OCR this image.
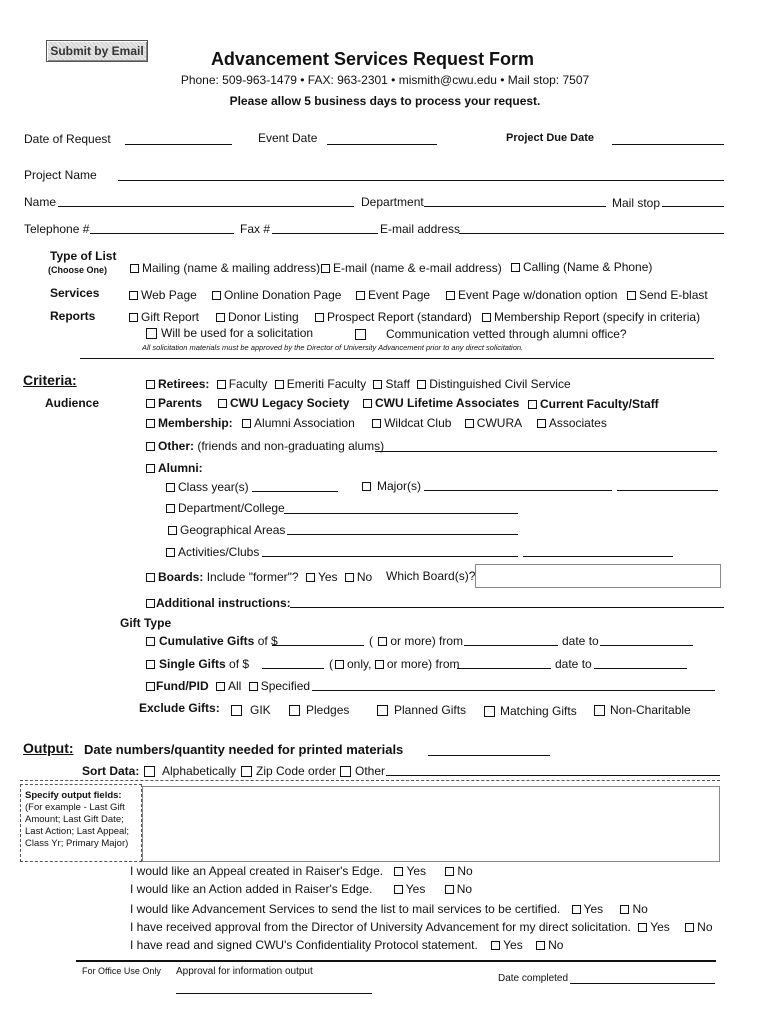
Submit by Email	Advancement Services Request Form
Phone: 509-963-1479 • FAX: 963-2301 • mismith@cwu.edu • Mail stop: 7507
Please allow 5 business days to process your request.
Date of Request	Event Date	Project Due Date
Project Name
Name	Department	Mail stop
Telephone #	Fax #	E-mail address
Type of List
(Choose One)	Mailing (name & mailing address)	E-mail (name & e-mail address)	Calling (Name & Phone)
Services	Web Page	Online Donation Page	Event Page	Event Page w/donation option	Send E-blast
Reports	Gift Report	Donor Listing	Prospect Report (standard)	Membership Report (specify in criteria)
Will be used for a solicitation	Communication vetted through alumni office?
All solicitation materials must be approved by the Director of University Advancement prior to any direct solicitation.
Criteria:
Audience
Retirees: Faculty Emeriti Faculty Staff Distinguished Civil Service
Parents	CWU Legacy Society	CWU Lifetime Associates	Current Faculty/Staff
Membership: Alumni Association Wildcat Club CWURA Associates
Other: (friends and non-graduating alums)
Alumni:
Class year(s)	Major(s)
Department/College
Geographical Areas
Activities/Clubs
Boards: Include "former"? Yes No Which Board(s)?
Additional instructions:
Gift Type
Cumulative Gifts of $	( or more) from	date to
Single Gifts of $	( only, or more) from	date to
Fund/PID All Specified
Exclude Gifts:	GIK	Pledges	Planned Gifts	Matching Gifts	Non-Charitable
Output: Date numbers/quantity needed for printed materials
Sort Data:	Alphabetically	Zip Code order	Other
Specify output fields:
(For example - Last Gift
Amount; Last Gift Date;
Last Action; Last Appeal;
Class Yr; Primary Major)
I would like an Appeal created in Raiser's Edge. Yes	No
I would like an Action added in Raiser's Edge.	Yes	No
I would like Advancement Services to send the list to mail services to be certified. Yes No
I have received approval from the Director of University Advancement for my direct solicitation. Yes No
I have read and signed CWU's Confidentiality Protocol statement. Yes No
For Office Use Only Approval for information output
Date completed
